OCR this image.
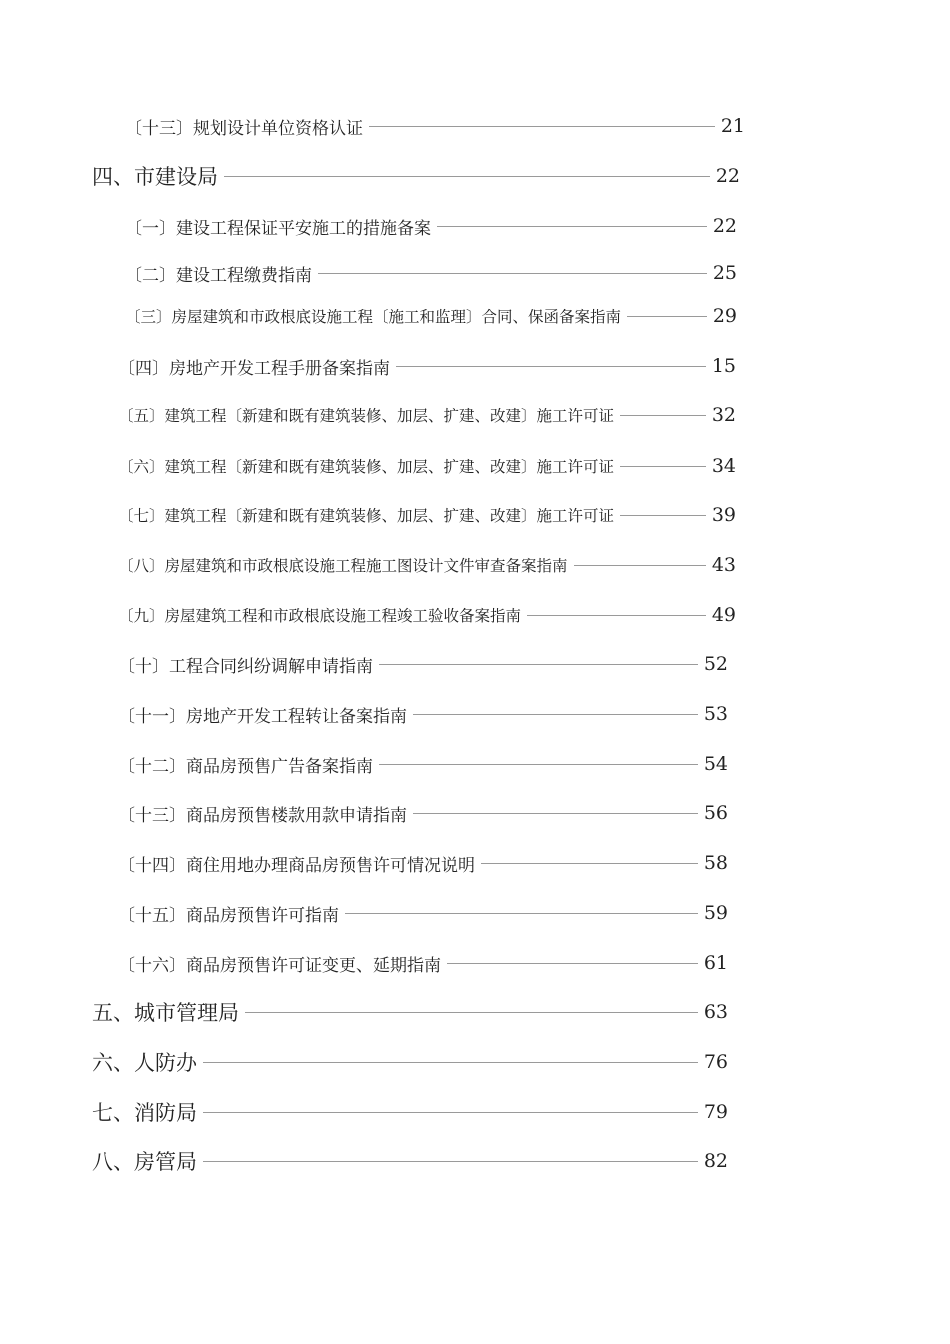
〔十三〕规划设计单位资格认证	21
四、市建设局	22
〔一〕建设工程保证平安施工的措施备案	22
〔二〕建设工程缴费指南	25
〔三〕房屋建筑和市政根底设施工程〔施工和监理〕合同、保函备案指南	29
〔四〕房地产开发工程手册备案指南	15
〔五〕建筑工程〔新建和既有建筑装修、加层、扩建、改建〕施工许可证	32
〔六〕建筑工程〔新建和既有建筑装修、加层、扩建、改建〕施工许可证	34
〔七〕建筑工程〔新建和既有建筑装修、加层、扩建、改建〕施工许可证	39
〔八〕房屋建筑和市政根底设施工程施工图设计文件审查备案指南	43
〔九〕房屋建筑工程和市政根底设施工程竣工验收备案指南	49
〔十〕工程合同纠纷调解申请指南	52
〔十一〕房地产开发工程转让备案指南	53
〔十二〕商品房预售广告备案指南	54
〔十三〕商品房预售楼款用款申请指南	56
〔十四〕商住用地办理商品房预售许可情况说明	58
〔十五〕商品房预售许可指南	59
〔十六〕商品房预售许可证变更、延期指南	61
五、城市管理局	63
六、人防办	76
七、消防局	79
八、房管局	82
